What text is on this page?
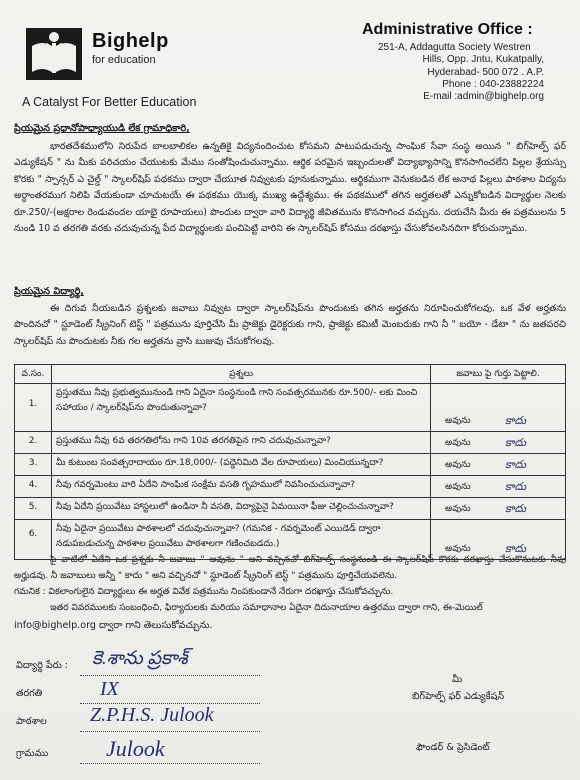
Bighelp
for education
A Catalyst For Better Education
Administrative Office :
251-A, Addagutta Society Westren
Hills, Opp. Jntu, Kukatpally,
Hyderabad- 500 072 . A.P.
Phone : 040-23882224
E-mail :admin@bighelp.org
ప్రియమైన ప్రధానోపాధ్యాయుడి లేక గ్రామాధికారి,
భారతదేశములోని నిరుపేద బాలబాలికల ఉన్నతికై విద్యనందించుట కోసమని పాటుపడుచున్న సాంఘిక సేవా సంస్థ అయిన " బిగ్‌హెల్ప్ ఫర్ ఎడ్యుకేషన్ " ను మీకు పరిచయం చేయుటకు మేము సంతోషించుచున్నాము. ఆర్థిక పరమైన ఇబ్బందులతో విద్యాభ్యాసాన్ని కొనసాగించలేని పిల్లల శ్రేయస్సు కొరకు " స్పాన్సర్ ఎ చైల్డ్ " స్కాలర్‌షిప్ పథకము ద్వారా చేయూత నివ్వుటకు పూనుకున్నాము. ఆర్థికముగా వెనుకబడిన లేక అనాథ పిల్లలు పాఠశాల విద్యను అర్ధాంతరముగ నిలిపి వేయకుండా చూచుటయే ఈ పథకము యొక్క ముఖ్య ఉద్దేశ్యము. ఈ పథకములో తగిన అర్హతలతో ఎన్నుకోబడిన విద్యార్థుల నెలకు రూ.250/-(అక్షరాల రెండువందల యాభై రూపాయలు) పొందుట ద్వారా వారి విద్యార్థి జీవితమును కొనసాగించ వచ్చును. దయచేసి మీరు ఈ పత్రములను 5 నుండి 10 వ తరగతి వరకు చదువుచున్న పేద విద్యార్థులకు పంచిపెట్టి వారిని ఈ స్కాలర్‌షిప్ కోసము దరఖాస్తు చేసుకోవలసినదిగా కోరుచున్నాము.
ప్రియమైన విద్యార్థి,
ఈ దిగువ నీయబడిన ప్రశ్నలకు జవాబు నివ్వుట ద్వారా స్కాలర్‌షిప్‌ను పొందుటకు తగిన అర్హతను నిరూపించుకోగలవు. ఒక వేళ అర్హతను పొందినచో " స్టూడెంట్ స్క్రీనింగ్ టెస్ట్ " పత్రమును పూర్తిచేసి మీ ప్రాజెక్టు డైరెక్టరుకు గాని, ప్రాజెక్టు కమిటీ మెంబరుకు గాని నీ " బయో - డేటా " ను జతపరచి స్కాలర్‌షిప్ ను పొందుటకు నీకు గల అర్హతను వ్రాసి బుజువు చేసుకోగలవు.
వ.సం.	ప్రశ్నలు	జవాబు పై గుర్తు పెట్టాలి.
1.	ప్రస్తుతము నీవు ప్రభుత్వమునుండి గాని ఏదైనా సంస్థనుండి గాని సంవత్సరమునకు రూ.500/- లకు మించి సహాయం / స్కాలర్‌షిప్‌ను పొందుతున్నావా?	అవును కాదు

2.	ప్రస్తుతము నీవు 6వ తరగతిలోను గాని 10వ తరగతిపైన గాని చదువుచున్నావా?	అవును కాదు

3.	మీ కుటుంబ సంవత్సరాదాయం రూ.18,000/- (పద్దెనిమిది వేల రూపాయలు) మించియున్నదా?	అవును కాదు

4.	నీవు గవర్నమెంటు వారి ఏదేని సాంఘిక సంక్షేమ వసతి గృహములో నివసించుచున్నావా?	అవును కాదు

5.	నీవు ఏదేని ప్రయివేటు హాస్టలులో ఉండినా నీ వసతి, విద్యాపైనై ఏమయినా ఫీజు చెల్లించుచున్నావా?	అవును కాదు

6.	నీవు ఏదైనా ప్రయివేటు పాఠశాలలో చదువుచున్నావా? (గమనిక - గవర్నమెంట్ ఎయిడెడ్ ద్వారా నడుపబడుచున్న పాఠశాల ప్రయివేటు పాఠశాలగా గణించబడదు.)	అవును కాదు
పై వాటిలో ఏదేని ఒక ప్రశ్నకు నీ జవాబు " అవును " అని వచ్చినచో బిగ్‌హెల్ప్ సంస్థనుండి ఈ స్కాలర్‌షిప్ కొరకు దరఖాస్తు చేసుకొనుటకు నీవు అర్హుడవు. నీ జవాబులు అన్నీ " కాదు " అని వచ్చినచో " స్టూడెంట్ స్క్రీనింగ్ టెస్ట్ " పత్రమును పూర్తిచేయవలెను.
గమనిక : వికలాంగులైన విద్యార్థులు ఈ అర్హత వివేక పత్రమును నింపకుండానే నేరుగా దరఖాస్తు చేసుకోవచ్చును.
ఇతర వివరములకు సంబంధించి, ఫిర్యాదులకు మరియు సమాధానాల ఏదైనా దిదునాయాల ఉత్తరము ద్వారా గాని, ఈ-మెయిల్
info@bighelp.org ద్వారా గాని తెలుసుకోవచ్చును.
విద్యార్థి పేరు : కె.శాను ప్రకాశ్
తరగతి	IX
పాఠశాల Z.P.H.S. Julook
గ్రామము	Julook
మీ
బిగ్‌హెల్ప్ ఫర్ ఎడ్యుకేషన్
ఫౌండర్ & ప్రెసిడెంట్
